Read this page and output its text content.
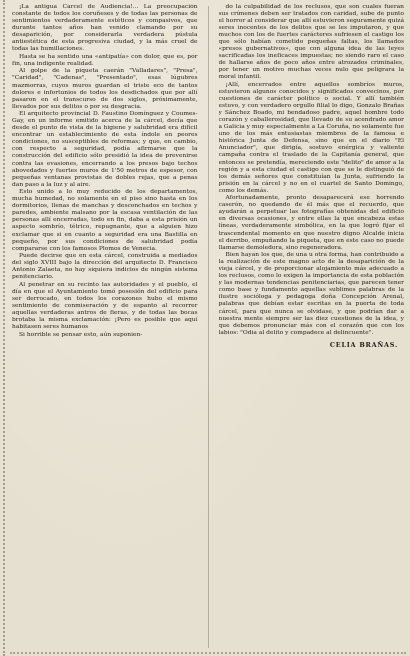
¡La antigua Cárcel de Audiencia!... La preocupación constante de todos los coruñeses y de todas las personas de sentimientos verdaderamente estéticos y compasivos, que durante tantos años han venido clamando por su desaparición, por considerarla verdadera pústula antiestética de esta progresiva ciudad, y la más cruel de todas las humillaciones.

Hasta se ha sentido una «antipatía» con dolor, que es, por fin, una indigente realidad.

Al golpe de la piqueta caerán "Valladares", "Presa", "Caridad", "Cadenas", "Presentado", esas lúgubres mazmorras, cuyos muros guardan el triste eco de tantos dolores e infortunios de todos los desdichados que por allí pasaron en el transcurso de dos siglos, próximamente, llevados por sus delitos o por su desgracia.

El arquitecto provincial D. Faustino Domínguez y Coumes-Gay, en un informe emitido acerca de la cárcel, decía que desde el punto de vista de la higiene y salubridad era difícil encontrar un establecimiento de esta índole en peores condiciones, no susceptibles de reformas; y que, en cambio, con respecto a seguridad, podía afirmarse que la construcción del edificio sólo presidió la idea de prevenirse contra las evasiones, encerrando a los presos bajo techos abovedados y fuertes muros de 1'50 metros de espesor, con pequeñas ventanas provistas de dobles rejas, que a penas dan paso a la luz y al aire.

Esto unido a lo muy reducido de los departamentos, mucha humedad, no solamente en el piso sino hasta en los dormitorios, llenas de manchas y desconchados en techos y paredes, ambiente malsano por la escasa ventilación de las personas allí encerradas, todo en fin, daba a esta prisión un aspecto sombrío, tétrico, repugnante, que a alguien hizo exclamar que si en cuanto a seguridad era una Bastilla en pequeño, por sus condiciones de salubridad podía compararse con los famosos Plomos de Venecia.

Puede decirse que en esta cárcel, construida a mediados del siglo XVIII bajo la dirección del arquitecto D. Francisco Antonio Zalaeta, no hay siquiera indicios de ningún sistema penitenciario.

Al penetrar en su recinto las autoridades y el pueblo, el día en que el Ayuntamiento tomó posesión del edificio para ser derrocado, en todos los corazones hubo el mismo sentimiento de conmiseración y de espanto al recorrer aquellas verdaderas antros de fieras, y de todas las bocas brotaba la misma exclamación: ¡Pero es posible que aquí habitasen seres humanos

Si horrible se pensar esto, aún suponien-

do la culpabilidad de los reclusos, que son cuales fueran sus crímenes deben ser tratados con caridad, sube de punto el horror al considerar que allí estuvieron seguramente quizá seres inocentes de los delitos que se les imputaron, y que muchos con los de fuertes carácteres sufriesen el castigo los que sólo habían cometido pequeñas faltas, los llamados «presos gubernativos», que con alguna idea de las leyes sacrificadas los ineficaces impuestas; no siendo raro el caso de hallarse años de poco años entre atrozados criminales, por tener un motivo muchas veces nulo que peligrara la moral infantil.

¡Allí, encerrados entre aquellos sombríos muros, estuvieron algunos conocidos y significados convecinos, por cuestiones de carácter político o social. Y allí también estuvo, y con verdadero orgullo filial lo digo, Gonzalo Brañas y Sánchez Boado, mi bendadoso padre, aquel hombre todo corazón y caballerosidad, que llevado de su acendrado amor a Galicia y muy especialmente a La Coruña, no solamente fue uno de los más entusiastas miembros de la famosa e histórica Junta de Defensa, sino que en el diario "El Anunciador", que dirigía, sostuvo enérgica y valiente campaña contra el traslado de la Capitanía general, que entonces se pretendía, mereciendo este "delito" de amor a la región y a esta ciudad el castigo con que se le distinguió de los demás señores que constituían la Junta, sufriendo la prisión en la cárcel y no en el cuartel de Santo Domingo, como los demás.

Afortunadamente, pronto desaparecerá ese horrendo caserón, no quedando de él más que el recuerdo, que ayudarán a perpetuar las fotografías obtenidas del edificio en diversas ocasiones, y entre ellas la que encabeza estas líneas, verdaderamente simbólica, en la que logró fijar el trascendental momento en que nuestro digno Alcalde inicia el derribo, empuñando la piqueta, que en este caso no puede llamarse demoledora, sino regeneradora.

Bien hayan los que, de una u otra forma, han contribuido a la realización de este magno acto de la desaparición de la vieja cárcel, y de proporcionar alojamiento más adecuado a los reclusos, como lo exigen la importancia de esta población y las modernas tendencias penitenciarias, que parecen tener como base y fundamento aquellas sublimes palabras de la ilustre socióloga y pedagoga doña Concepción Arenal, palabras que debían estar escritas en la puerta de toda cárcel, para que nunca se olvidase, y que podrían dar a nuestra mente siempre ser las diez cuestiones de la idea, y que debemos pronunciar más con el corazón que con los labios: "Odia al delito y compadece al delincuente".

CELIA BRAÑAS.
